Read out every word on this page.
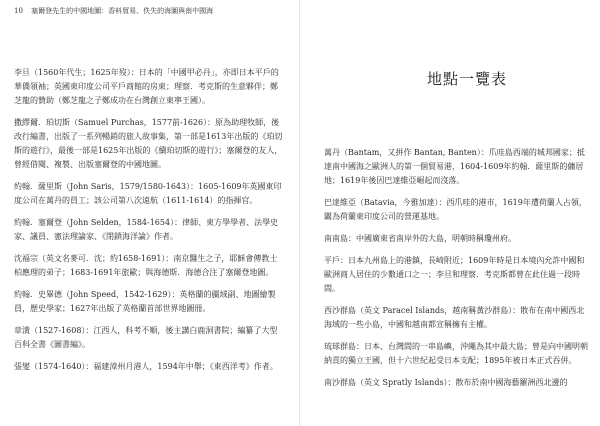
10 塞爾登先生的中國地圖：香料貿易、佚失的海圖與南中國海

李旦（1560年代生；1625年歿）：日本的「中國甲必丹」，亦即日本平戶的華僑領袖；英國東印度公司平戶商館的房東；理察．考克斯的生意夥伴；鄭芝龍的贊助（鄭芝龍之子鄭成功在台灣創立東寧王國）。

撒繆爾．珀切斯（Samuel Purchas，1577前-1626）：原為助理牧師，後改行編書，出版了一系列暢銷的旅人故事集，第一部是1613年出版的《珀切斯的遊行》，最後一部是1625年出版的《續珀切斯的遊行》；塞爾登的友人，曾經借閱、複製、出版塞爾登的中國地圖。

約翰．薩里斯（John Saris，1579/1580-1643）：1605-1609年英國東印度公司在萬丹的員工；該公司第八次遠航（1611-1614）的指揮官。

約翰．塞爾登（John Selden，1584-1654）：律師、東方學學者、法學史家、議員、憲法理論家、《閉鎖海洋論》作者。

沈福宗（英文名麥可．沈；約1658-1691）：南京醫生之子，耶穌會傳教士柏應理的弟子；1683-1691年旅歐；與海德斯．海德合注了塞爾登地圖。

約翰．史畢德（John Speed，1542-1629）：英格蘭的疆域副、地圖繪製員，歷史學家；1627年出版了英格蘭首部世界地圖冊。

章潢（1527-1608）：江西人，科考不順，後主講白鹿洞書院；編纂了大型百科全書《圖書編》。

張燮（1574-1640）：福建漳州月港人，1594年中舉；《東西洋考》作者。

地點一覽表

萬丹（Bantam，又拼作 Bantan, Banten）：爪哇島西端的城邦國家；抵達南中國海之歐洲人的第一個貿易港，1604-1609年約翰．薩里斯的傭居地；1619年後因巴達維亞崛起而沒落。

巴達維亞（Batavia，今雅加達）：西爪哇的港市，1619年遭荷蘭人占領，闢為荷蘭東印度公司的營運基地。

南南島：中國廣東省南岸外的大島，明朝時稱瓊州府。

平戶：日本九州島上的港鎮，長崎附近；1609年時是日本境內允許中國和歐洲商人居住的少數通口之一；李旦和理察．考克斯都曾在此住過一段時間。

西沙群島（英文 Paracel Islands，越南稱黃沙群島）：散布在南中國西北海域的一些小島，中國和越南都宣稱擁有主權。

琉球群島：日本、台灣間的一串島嶼，沖繩為其中最大島；曾是向中國明朝納貢的獨立王國，但十六世紀起受日本支配；1895年被日本正式吞併。

南沙群島（英文 Spratly Islands）：散布於南中國海藝羅洲西北邊的
